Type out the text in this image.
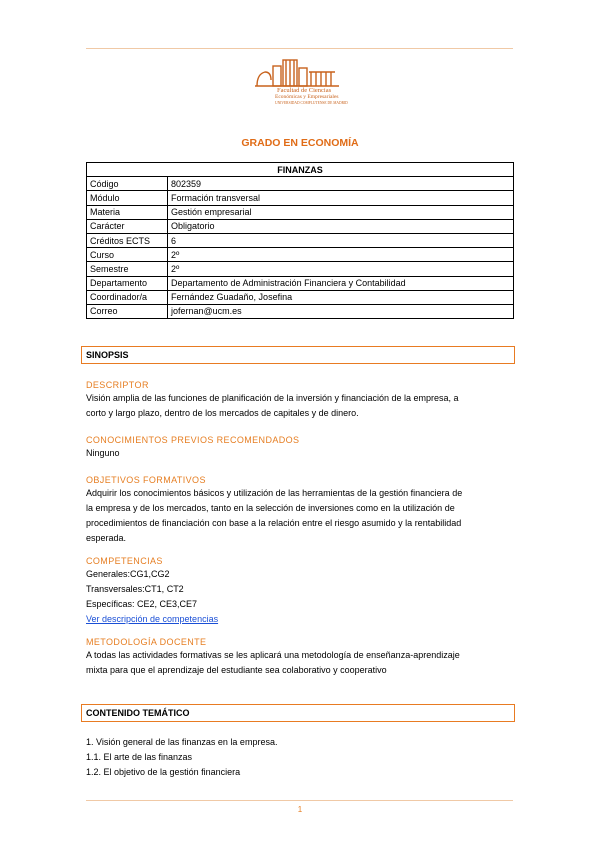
Facultad de Ciencias
Económicas y Empresariales
UNIVERSIDAD COMPLUTENSE DE MADRID
GRADO EN ECONOMÍA
FINANZAS	
Código	802359
Módulo	Formación transversal
Materia	Gestión empresarial
Carácter	Obligatorio
Créditos ECTS	6
Curso	2º
Semestre	2º
Departamento	Departamento de Administración Financiera y Contabilidad
Coordinador/a	Fernández Guadaño, Josefina
Correo	jofernan@ucm.es
SINOPSIS
DESCRIPTOR
Visión amplia de las funciones de planificación de la inversión y financiación de la empresa, a
corto y largo plazo, dentro de los mercados de capitales y de dinero.
CONOCIMIENTOS PREVIOS RECOMENDADOS
Ninguno
OBJETIVOS FORMATIVOS
Adquirir los conocimientos básicos y utilización de las herramientas de la gestión financiera de
la empresa y de los mercados, tanto en la selección de inversiones como en la utilización de
procedimientos de financiación con base a la relación entre el riesgo asumido y la rentabilidad
esperada.
COMPETENCIAS
Generales:CG1,CG2
Transversales:CT1, CT2
Específicas: CE2, CE3,CE7
Ver descripción de competencias
METODOLOGÍA DOCENTE
A todas las actividades formativas se les aplicará una metodología de enseñanza-aprendizaje
mixta para que el aprendizaje del estudiante sea colaborativo y cooperativo
CONTENIDO TEMÁTICO
1. Visión general de las finanzas en la empresa.
1.1. El arte de las finanzas
1.2. El objetivo de la gestión financiera
1
